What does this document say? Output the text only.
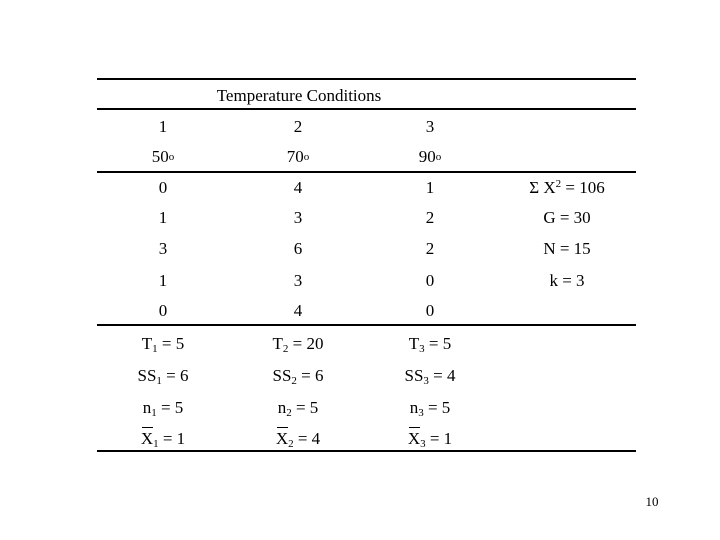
Temperature Conditions
1	2	3
50o	70o	90o
0	4	1	Σ $X^2 = 106$
1	3	2	G = 30
3	6	2	N = 15
1	3	0	k = 3
0	4	0
$T_1 = 5$	$T_2 = 20$	$T_3 = 5$
$SS_1 = 6$	$SS_2 = 6$	$SS_3 = 4$
$n_1 = 5$	$n_2 = 5$	$n_3 = 5$
$X_1 = 1$	$X_2 = 4$	$X_3 = 1$
10
